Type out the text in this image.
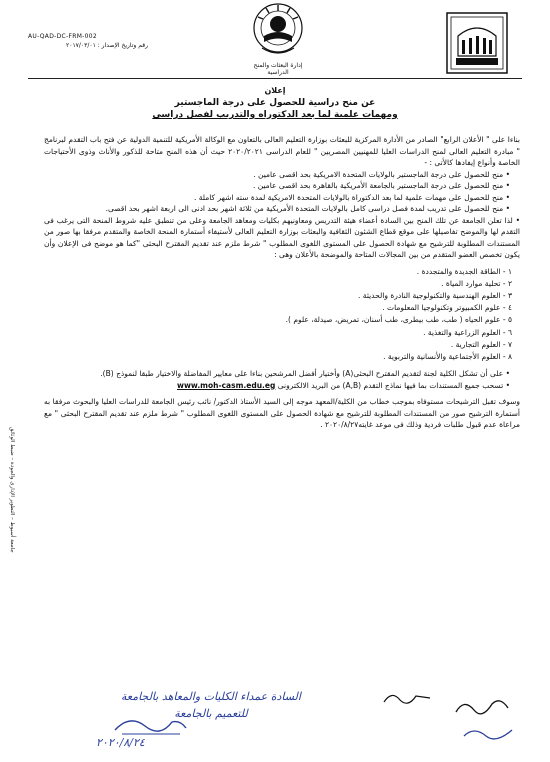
AU-QAD-DC-FRM-002
رقم وتاريخ الإصدار : ٢٠١٧/٠٣/٠١
إدارة البعثات والمنح الدراسية
إعلان
عن منح دراسية للحصول على درجة الماجستير
ومهمات علمية لما بعد الدكتوراه والتدريب لفصل دراسى

بناءا على " الأعلان الرابع" الصادر من الأدارة المركزية للبعثات بوزارة التعليم العالى بالتعاون مع الوكالة الأمريكية للتنمية الدولية عن فتح باب التقدم لبرنامج " مبادرة التعليم العالى لمنح الدراسات العليا للمهنيين المصريين " للعام الدراسى ٢٠٢٠/٢٠٢١ حيث أن هذه المنح متاحة للذكور والأناث وذوى الأحتياجات الخاصة وأنواع إيفادها كالأتى : -

• منح للحصول على درجة الماجستير بالولايات المتحدة الامريكية بحد اقصى عامين .
• منح للحصول على درجة الماجستير بالجامعة الأمريكية بالقاهرة بحد اقصى عامين .
• منح للحصول على مهمات علمية لما بعد الدكتوراة بالولايات المتحدة الامريكية لمدة سته اشهر كاملة .
• منح للحصول على تدريب لمدة فصل دراسى كامل بالولايات المتحدة الأمريكية من ثلاثة اشهر بحد ادنى الى اربعة اشهر بحد اقصى.

• لذا تعلن الجامعة عن تلك المنح بين السادة أعضاء هيئة التدريس ومعاونيهم بكليات ومعاهد الجامعة وعلى من تنطبق عليه شروط المنحة التى يرغب فى التقدم لها والموضح تفاصيلها على موقع قطاع الشئون الثقافية والبعثات بوزارة التعليم العالى لأستيفاء أستمارة المنحة الخاصة والمتقدم مرفقا بها صور من المستندات المطلوبة للترشيح مع شهادة الحصول على المستوى اللغوى المطلوب " شرط ملزم عند تقديم المقترح البحثى "كما هو موضح فى الإعلان وأن يكون تخصص العضو المتقدم من بين المجالات المتاحة والموضحة بالأعلان وهى :

١ - الطاقة الجديدة والمتجددة .
٢ - تحلية موارد المياة .
٣ - العلوم الهندسية والتكنولوجية النادرة والحديثة .
٤ - علوم الكمبيوتر وتكنولوجيا المعلومات .
٥ - علوم الحياه ( طب، طب بيطرى، طب أسنان، تمريض، صيدلة، علوم ).
٦ - العلوم الزراعية والتغذية .
٧ - العلوم التجارية .
٨ - العلوم الأجتماعية والأنسانية والتربوية .
• على أن تشكل الكلية لجنة لتقديم المقترح البحثى(A) وأختيار أفضل المرشحين بناءا على معايير المفاضلة والاختيار طبقا لنموذج (B).
• تسحب جميع المستندات بما فيها نماذج التقدم (A,B) من البريد الالكترونى www.moh-casm.edu.eg

وسوف تقبل الترشيحات مستوفاه بموجب خطاب من الكلية/المعهد موجه إلى السيد الأستاذ الدكتور/ نائب رئيس الجامعة للدراسات العليا والبحوث مرفقا به أستمارة الترشيح صور من المستندات المطلوبة للترشيح مع شهادة الحصول على المستوى اللغوى المطلوب " شرط ملزم عند تقديم المقترح البحثى " مع مراعاة عدم قبول طلبات فردية وذلك فى موعد غايته٢٠٢٠/٨/٢٧ .

جامعة أسيوط – التطوير الإدارى والجودة – ضبط الوثائق
السادة عمداء الكليات والمعاهد بالجامعة
للتعميم بالجامعة
٢٠٢٠/٨/٢٤
